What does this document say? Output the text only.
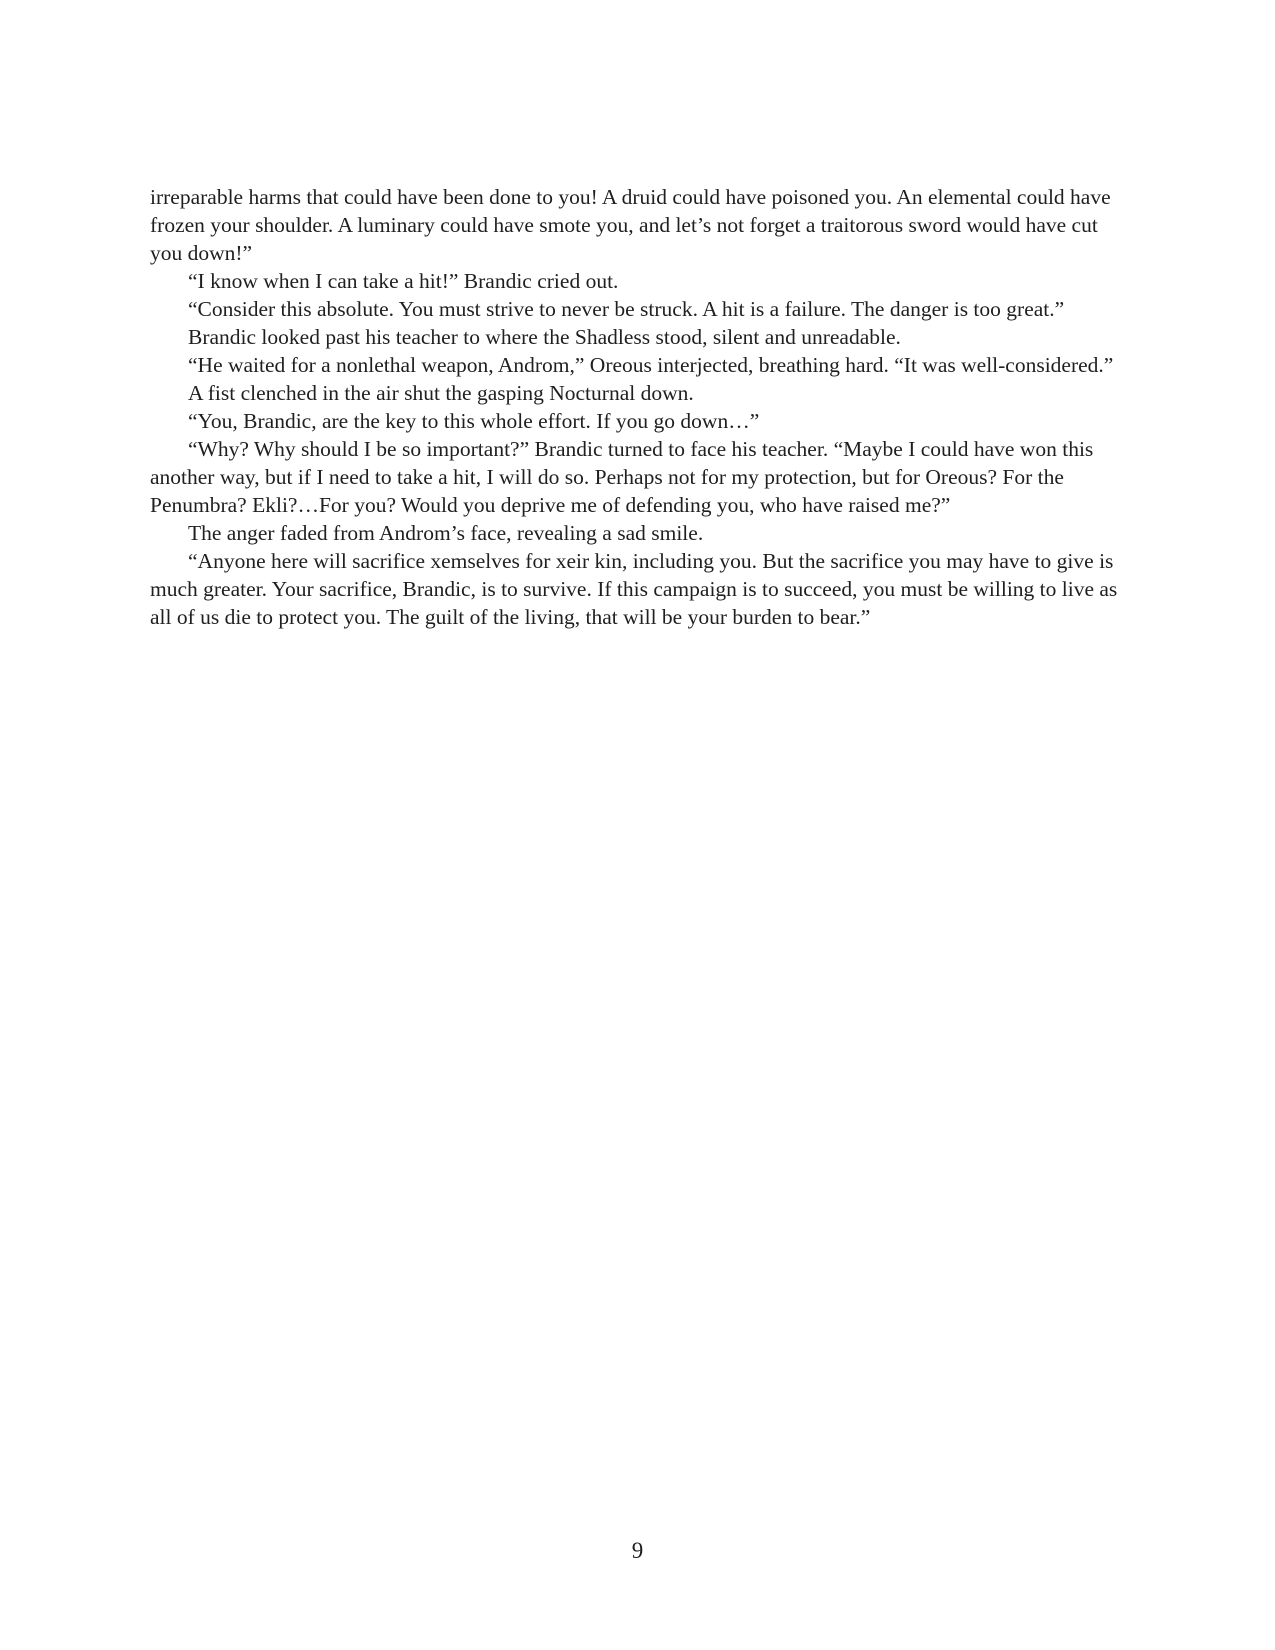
irreparable harms that could have been done to you! A druid could have poisoned you. An elemental could have frozen your shoulder. A luminary could have smote you, and let’s not forget a traitorous sword would have cut you down!”

“I know when I can take a hit!” Brandic cried out.

“Consider this absolute. You must strive to never be struck. A hit is a failure. The danger is too great.”

Brandic looked past his teacher to where the Shadless stood, silent and unreadable.

“He waited for a nonlethal weapon, Androm,” Oreous interjected, breathing hard. “It was well-considered.”

A fist clenched in the air shut the gasping Nocturnal down.

“You, Brandic, are the key to this whole effort. If you go down…”

“Why? Why should I be so important?” Brandic turned to face his teacher. “Maybe I could have won this another way, but if I need to take a hit, I will do so. Perhaps not for my protection, but for Oreous? For the Penumbra? Ekli?…For you? Would you deprive me of defending you, who have raised me?”

The anger faded from Androm’s face, revealing a sad smile.

“Anyone here will sacrifice xemselves for xeir kin, including you. But the sacrifice you may have to give is much greater. Your sacrifice, Brandic, is to survive. If this campaign is to succeed, you must be willing to live as all of us die to protect you. The guilt of the living, that will be your burden to bear.”

9
